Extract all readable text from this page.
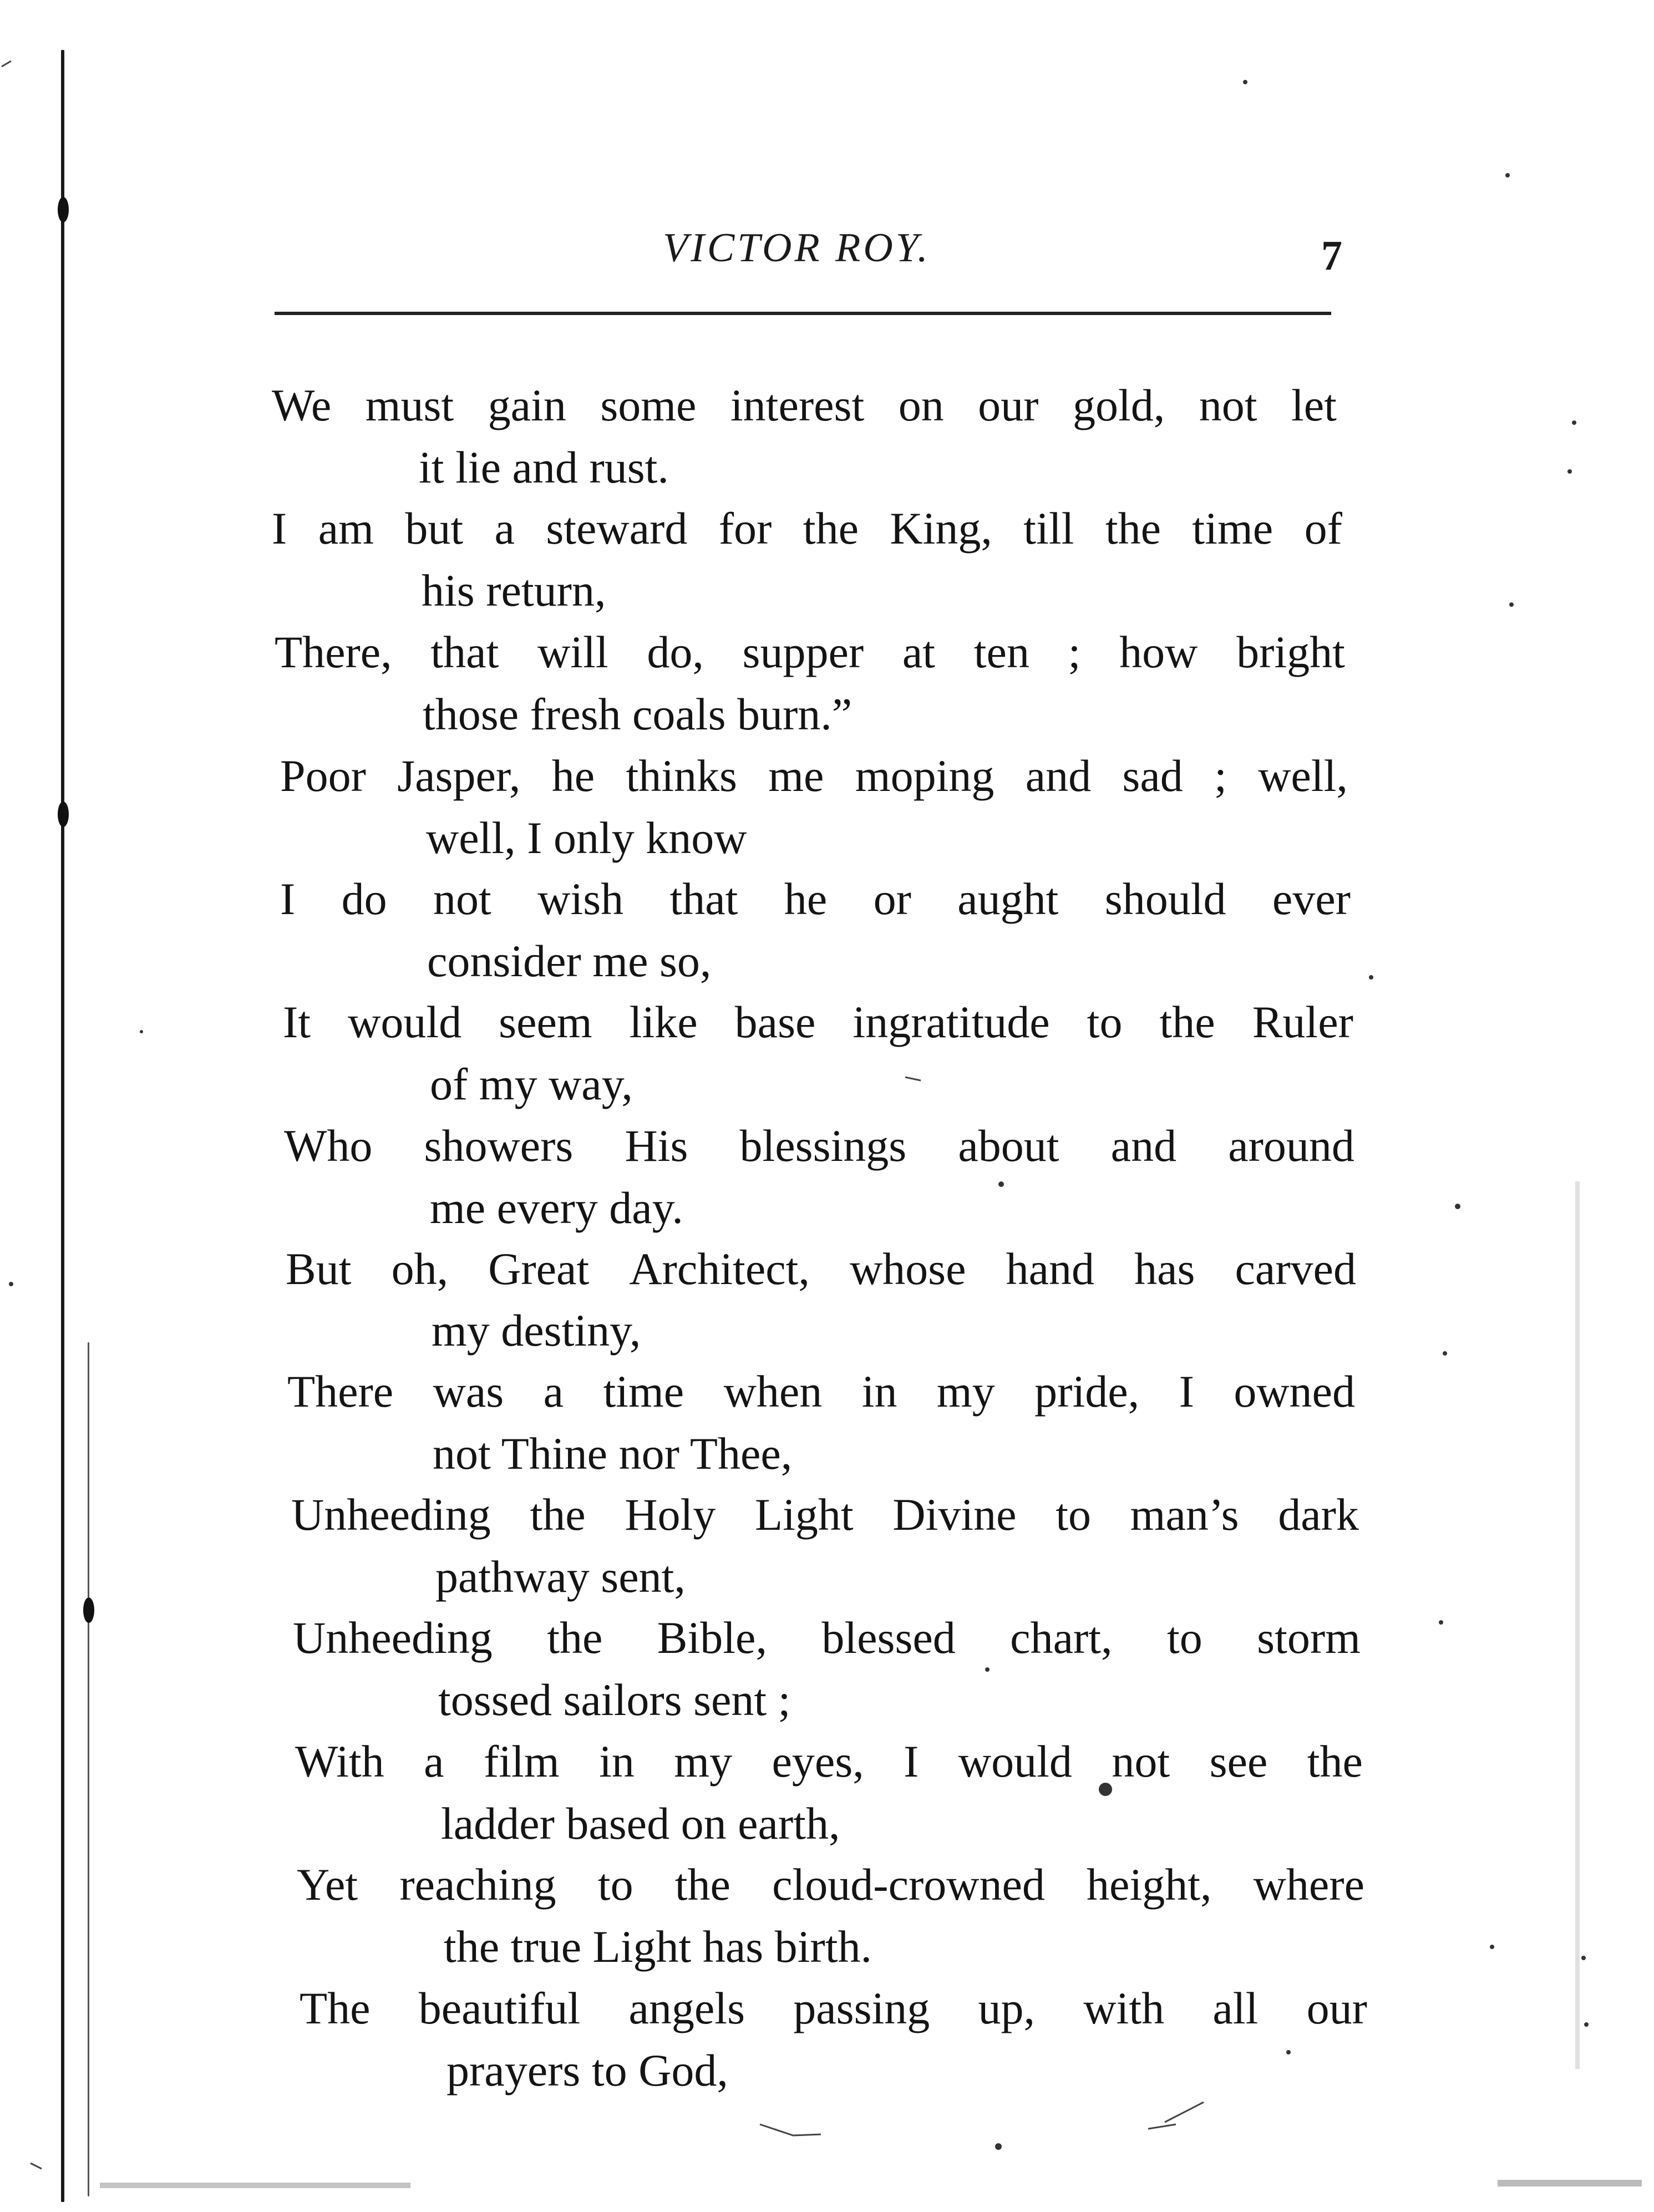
VICTOR ROY.	7
We must gain some interest on our gold, not let
it lie and rust.
I am but a steward for the King, till the time of
his return,
There, that will do, supper at ten ; how bright
those fresh coals burn.”
Poor Jasper, he thinks me moping and sad ; well,
well, I only know
I do not wish that he or aught should ever
consider me so,
It would seem like base ingratitude to the Ruler
of my way,
Who showers His blessings about and around
me every day.
But oh, Great Architect, whose hand has carved
my destiny,
There was a time when in my pride, I owned
not Thine nor Thee,
Unheeding the Holy Light Divine to man’s dark
pathway sent,
Unheeding the Bible, blessed chart, to storm
tossed sailors sent ;
With a film in my eyes, I would not see the
ladder based on earth,
Yet reaching to the cloud-crowned height, where
the true Light has birth.
The beautiful angels passing up, with all our
prayers to God,
